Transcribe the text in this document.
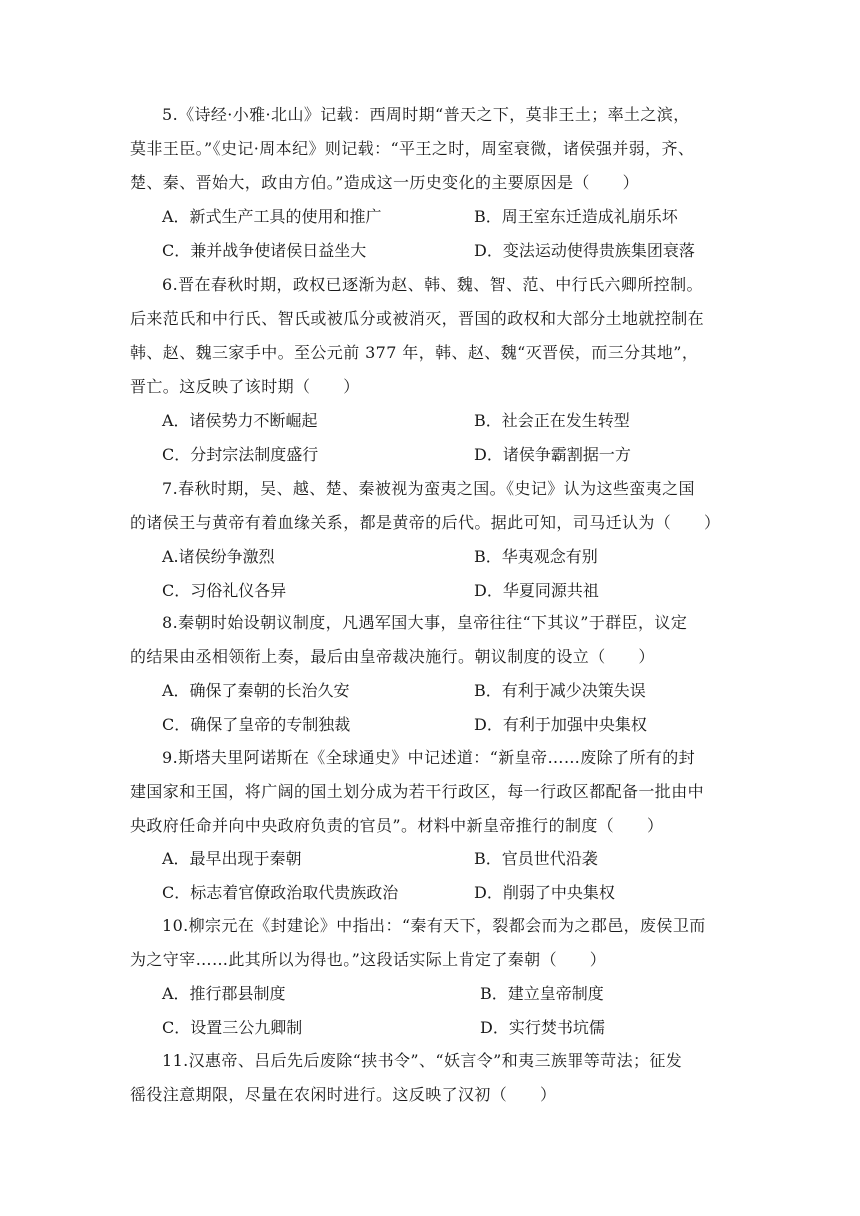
5.《诗经·小雅·北山》记载：西周时期“普天之下，莫非王土；率土之滨，
莫非王臣。”《史记·周本纪》则记载：“平王之时，周室衰微，诸侯强并弱，齐、
楚、秦、晋始大，政由方伯。”造成这一历史变化的主要原因是（　　）
A．新式生产工具的使用和推广	B．周王室东迁造成礼崩乐坏
C．兼并战争使诸侯日益坐大	D．变法运动使得贵族集团衰落
6.晋在春秋时期，政权已逐渐为赵、韩、魏、智、范、中行氏六卿所控制。
后来范氏和中行氏、智氏或被瓜分或被消灭，晋国的政权和大部分土地就控制在
韩、赵、魏三家手中。至公元前 377 年，韩、赵、魏“灭晋侯，而三分其地”，
晋亡。这反映了该时期（　　）
A．诸侯势力不断崛起	B．社会正在发生转型
C．分封宗法制度盛行	D．诸侯争霸割据一方
7.春秋时期，吴、越、楚、秦被视为蛮夷之国。《史记》认为这些蛮夷之国
的诸侯王与黄帝有着血缘关系，都是黄帝的后代。据此可知，司马迁认为（　　）
A.诸侯纷争激烈	B．华夷观念有别
C．习俗礼仪各异	D．华夏同源共祖
8.秦朝时始设朝议制度，凡遇军国大事，皇帝往往“下其议”于群臣，议定
的结果由丞相领衔上奏，最后由皇帝裁决施行。朝议制度的设立（　　）
A．确保了秦朝的长治久安	B．有利于减少决策失误
C．确保了皇帝的专制独裁	D．有利于加强中央集权
9.斯塔夫里阿诺斯在《全球通史》中记述道：“新皇帝……废除了所有的封
建国家和王国，将广阔的国土划分成为若干行政区，每一行政区都配备一批由中
央政府任命并向中央政府负责的官员”。材料中新皇帝推行的制度（　　）
A．最早出现于秦朝	B．官员世代沿袭
C．标志着官僚政治取代贵族政治	D．削弱了中央集权
10.柳宗元在《封建论》中指出：“秦有天下，裂都会而为之郡邑，废侯卫而
为之守宰……此其所以为得也。”这段话实际上肯定了秦朝（　　）
A．推行郡县制度	B．建立皇帝制度
C．设置三公九卿制	D．实行焚书坑儒
11.汉惠帝、吕后先后废除“挟书令”、“妖言令”和夷三族罪等苛法；征发
徭役注意期限，尽量在农闲时进行。这反映了汉初（　　）
